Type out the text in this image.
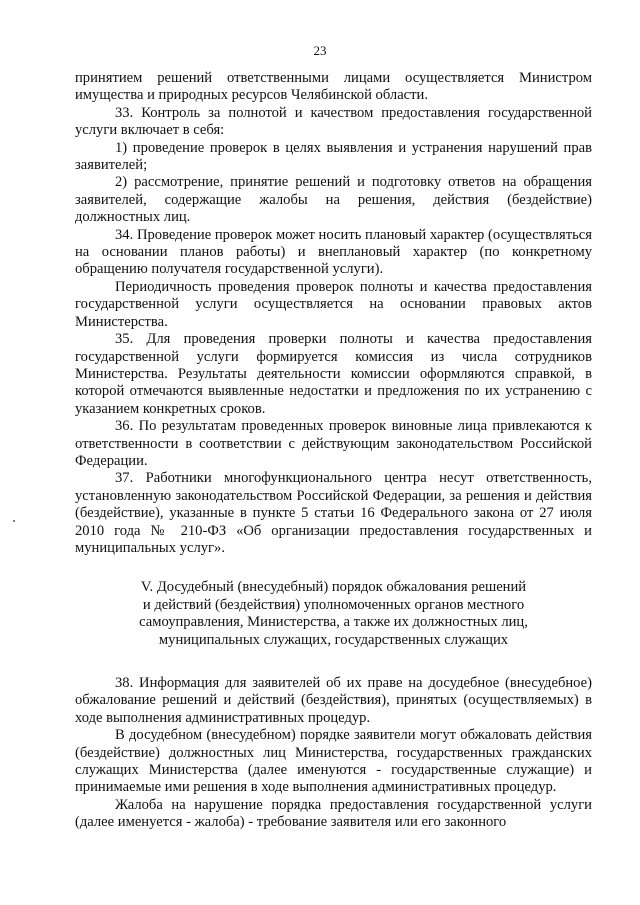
23

принятием решений ответственными лицами осуществляется Министром имущества и природных ресурсов Челябинской области.

33. Контроль за полнотой и качеством предоставления государственной услуги включает в себя:

1) проведение проверок в целях выявления и устранения нарушений прав заявителей;

2) рассмотрение, принятие решений и подготовку ответов на обращения заявителей, содержащие жалобы на решения, действия (бездействие) должностных лиц.

34. Проведение проверок может носить плановый характер (осуществляться на основании планов работы) и внеплановый характер (по конкретному обращению получателя государственной услуги).

Периодичность проведения проверок полноты и качества предоставления государственной услуги осуществляется на основании правовых актов Министерства.

35. Для проведения проверки полноты и качества предоставления государственной услуги формируется комиссия из числа сотрудников Министерства. Результаты деятельности комиссии оформляются справкой, в которой отмечаются выявленные недостатки и предложения по их устранению с указанием конкретных сроков.

36. По результатам проведенных проверок виновные лица привлекаются к ответственности в соответствии с действующим законодательством Российской Федерации.

37. Работники многофункционального центра несут ответственность, установленную законодательством Российской Федерации, за решения и действия (бездействие), указанные в пункте 5 статьи 16 Федерального закона от 27 июля 2010 года № 210-ФЗ «Об организации предоставления государственных и муниципальных услуг».

V. Досудебный (внесудебный) порядок обжалования решений
и действий (бездействия) уполномоченных органов местного
самоуправления, Министерства, а также их должностных лиц,
муниципальных служащих, государственных служащих

38. Информация для заявителей об их праве на досудебное (внесудебное) обжалование решений и действий (бездействия), принятых (осуществляемых) в ходе выполнения административных процедур.

В досудебном (внесудебном) порядке заявители могут обжаловать действия (бездействие) должностных лиц Министерства, государственных гражданских служащих Министерства (далее именуются - государственные служащие) и принимаемые ими решения в ходе выполнения административных процедур.

Жалоба на нарушение порядка предоставления государственной услуги (далее именуется - жалоба) - требование заявителя или его законного
